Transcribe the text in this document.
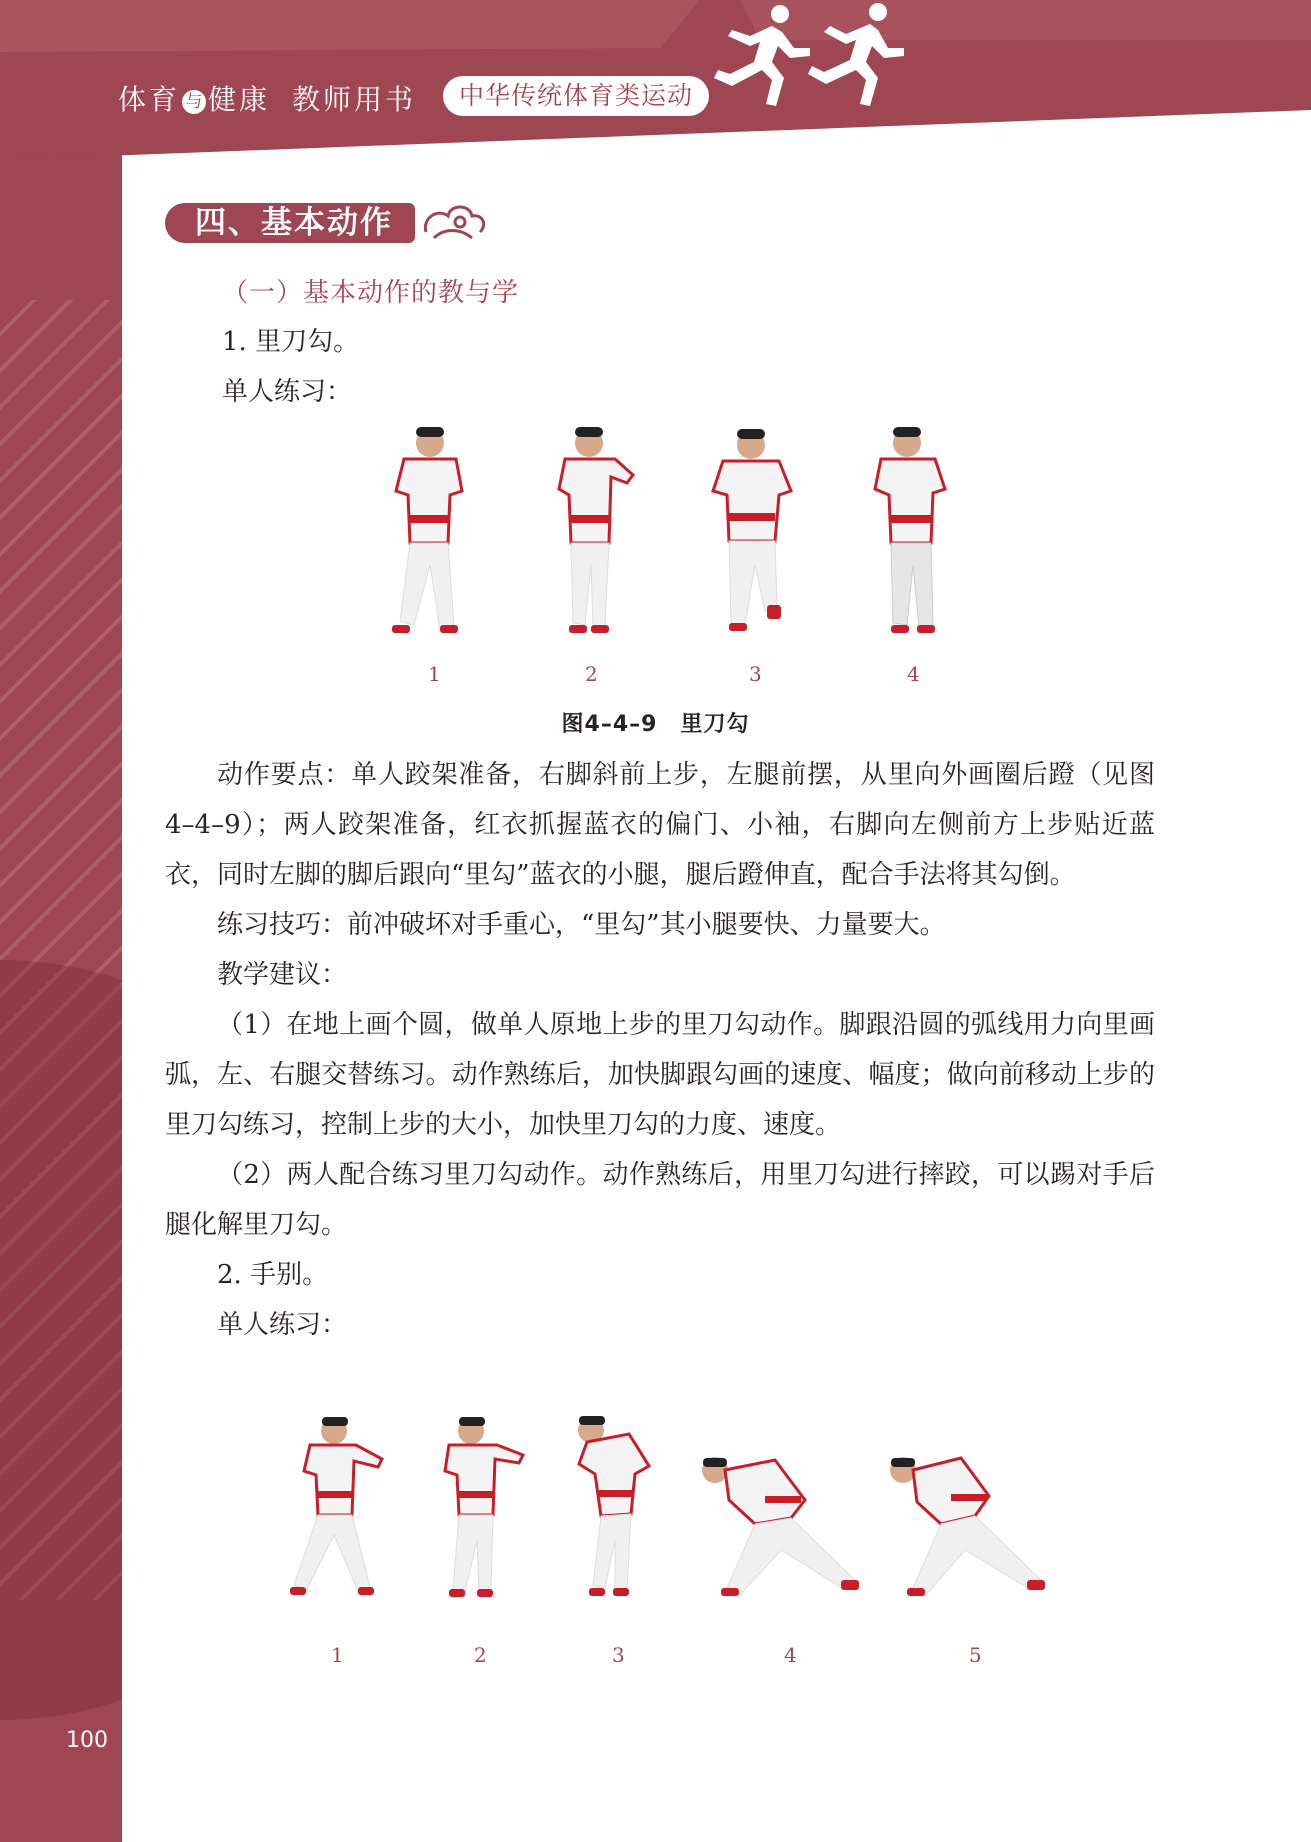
体育 与 健康 教师用书	中华传统体育类运动
四、基本动作
（一）基本动作的教与学
1. 里刀勾。
单人练习：
1	2	3	4
图4–4–9　里刀勾

动作要点：单人跤架准备，右脚斜前上步，左腿前摆，从里向外画圈后蹬（见图 4–4–9）；两人跤架准备，红衣抓握蓝衣的偏门、小袖，右脚向左侧前方上步贴近蓝衣，同时左脚的脚后跟向“里勾”蓝衣的小腿，腿后蹬伸直，配合手法将其勾倒。

练习技巧：前冲破坏对手重心，“里勾”其小腿要快、力量要大。

教学建议：

（1）在地上画个圆，做单人原地上步的里刀勾动作。脚跟沿圆的弧线用力向里画弧，左、右腿交替练习。动作熟练后，加快脚跟勾画的速度、幅度；做向前移动上步的里刀勾练习，控制上步的大小，加快里刀勾的力度、速度。

（2）两人配合练习里刀勾动作。动作熟练后，用里刀勾进行摔跤，可以踢对手后腿化解里刀勾。

2. 手别。

单人练习：

1	2	3	4	5
100
